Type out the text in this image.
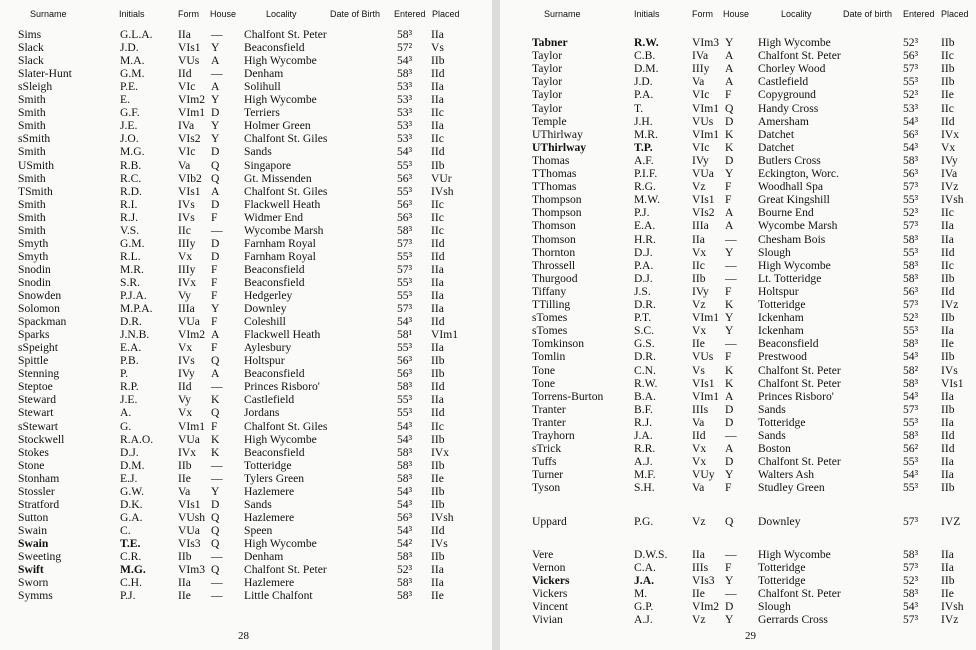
Surname	Initials	Form House	Locality	Date of Birth Entered Placed
Sims	G.L.A. IIa — Chalfont St. Peter	58³ IIa
Slack	J.D.	VIs1 Y Beaconsfield	57² Vs
Slack	M.A.	VUs A High Wycombe	54³ IIb
Slater-Hunt	G.M.	IId — Denham	58³ IId
sSleigh	P.E.	VIc A Solihull	53³ IIa
Smith	E.	VIm2 Y High Wycombe	53³ IIa
Smith	G.F.	VIm1 D Terriers	53³ IIc
Smith	J.E.	IVa Y Holmer Green	53³ IIa
sSmith	J.O.	VIs2 Y Chalfont St. Giles	53³ IIc
Smith	M.G.	VIc D Sands	54³ IId
USmith	R.B.	Va Q Singapore	55³ IIb
Smith	R.C.	VIb2 Q Gt. Missenden	56³ VUr
TSmith	R.D.	VIs1 A Chalfont St. Giles	55³ IVsh
Smith	R.I.	IVs D Flackwell Heath	56³ IIc
Smith	R.J.	IVs F Widmer End	56³ IIc
Smith	V.S.	IIc — Wycombe Marsh	58³ IIc
Smyth	G.M.	IIIy D Farnham Royal	57³ IId
Smyth	R.L.	Vx D Farnham Royal	55³ IId
Snodin	M.R.	IIIy F Beaconsfield	57³ IIa
Snodin	S.R.	IVx F Beaconsfield	55³ IIa
Snowden	P.J.A.	Vy F Hedgerley	55³ IIa
Solomon	M.P.A. IIIa Y Downley	57³ IIa
Spackman	D.R.	VUa F Coleshill	54³ IId
Sparks	J.N.B. VIm2 A Flackwell Heath	58¹ VIm1
sSpeight	E.A.	Vx F Aylesbury	55³ IIa
Spittle	P.B.	IVs Q Holtspur	56³ IIb
Stenning	P.	IVy A Beaconsfield	56³ IIb
Steptoe	R.P.	IId — Princes Risboro'	58³ IId
Steward	J.E.	Vy K Castlefield	55³ IIa
Stewart	A.	Vx Q Jordans	55³ IId
sStewart	G.	VIm1 F Chalfont St. Giles	54³ IIc
Stockwell	R.A.O. VUa K High Wycombe	54³ IIb
Stokes	D.J.	IVx K Beaconsfield	58³ IVx
Stone	D.M.	IIb — Totteridge	58³ IIb
Stonham	E.J.	IIe — Tylers Green	58³ IIe
Stossler	G.W.	Va Y Hazlemere	54³ IIb
Stratford	D.K.	VIs1 D Sands	54³ IIb
Sutton	G.A.	VUsh Q Hazlemere	56³ IVsh
Swain	C.	VUa Q Speen	54³ IId
Swain	T.E.	VIs3 Q High Wycombe	54² IVs
Sweeting	C.R.	IIb — Denham	58³ IIb
Swift	M.G.	VIm3 Q Chalfont St. Peter	52³ IIa
Sworn	C.H.	IIa — Hazlemere	58³ IIa
Symms	P.J.	IIe — Little Chalfont	58³ IIe
28
Surname	Initials	Form House	Locality	Date of birth Entered Placed
Tabner	R.W.	VIm3 Y High Wycombe	52³ IIb
Taylor	C.B.	IVa A Chalfont St. Peter	56³ IIc
Taylor	D.M.	IIIy A Chorley Wood	57³ IIb
Taylor	J.D.	Va A Castlefield	55³ IIb
Taylor	P.A.	VIc F Copyground	52³ IIe
Taylor	T.	VIm1 Q Handy Cross	53³ IIc
Temple	J.H.	VUs D Amersham	54³ IId
UThirlway	M.R.	VIm1 K Datchet	56³ IVx
UThirlway	T.P.	VIc K Datchet	54³ Vx
Thomas	A.F.	IVy D Butlers Cross	58³ IVy
TThomas	P.I.F.	VUa Y Eckington, Worc.	56³ IVa
TThomas	R.G.	Vz F Woodhall Spa	57³ IVz
Thompson	M.W.	VIs1 F Great Kingshill	55³ IVsh
Thompson	P.J.	VIs2 A Bourne End	52³ IIc
Thomson	E.A.	IIIa A Wycombe Marsh	57³ IIa
Thomson	H.R.	IIa — Chesham Bois	58³ IIa
Thornton	D.J.	Vx Y Slough	55³ IId
Throssell	P.A.	IIc — High Wycombe	58³ IIc
Thurgood	D.J.	IIb — Lt. Totteridge	58³ IIb
Tiffany	J.S.	IVy F Holtspur	56³ IId
TTilling	D.R.	Vz K Totteridge	57³ IVz
sTomes	P.T.	VIm1 Y Ickenham	52³ IIb
sTomes	S.C.	Vx Y Ickenham	55³ IIa
Tomkinson	G.S.	IIe — Beaconsfield	58³ IIe
Tomlin	D.R.	VUs F Prestwood	54³ IIb
Tone	C.N.	Vs K Chalfont St. Peter	58² IVs
Tone	R.W.	VIs1 K Chalfont St. Peter	58³ VIs1
Torrens-Burton	B.A.	VIm1 A Princes Risboro'	54³ IIa
Tranter	B.F.	IIIs D Sands	57³ IIb
Tranter	R.J.	Va D Totteridge	55³ IIa
Trayhorn	J.A.	IId — Sands	58³ IId
sTrick	R.R.	Vx A Boston	56² IId
Tuffs	A.J.	Vx D Chalfont St. Peter	55³ IIa
Turner	M.F.	VUy Y Walters Ash	54³ IIa
Tyson	S.H.	Va F Studley Green	55³ IIb
Uppard	P.G.	Vz Q Downley	57³ IVZ
Vere	D.W.S. IIa — High Wycombe	58³ IIa
Vernon	C.A.	IIIs F Totteridge	57³ IIa
Vickers	J.A.	VIs3 Y Totteridge	52³ IIb
Vickers	M.	IIe — Chalfont St. Peter	58³ IIe
Vincent	G.P.	VIm2 D Slough	54³ IVsh
Vivian	A.J.	Vz Y Gerrards Cross	57³ IVz
29
